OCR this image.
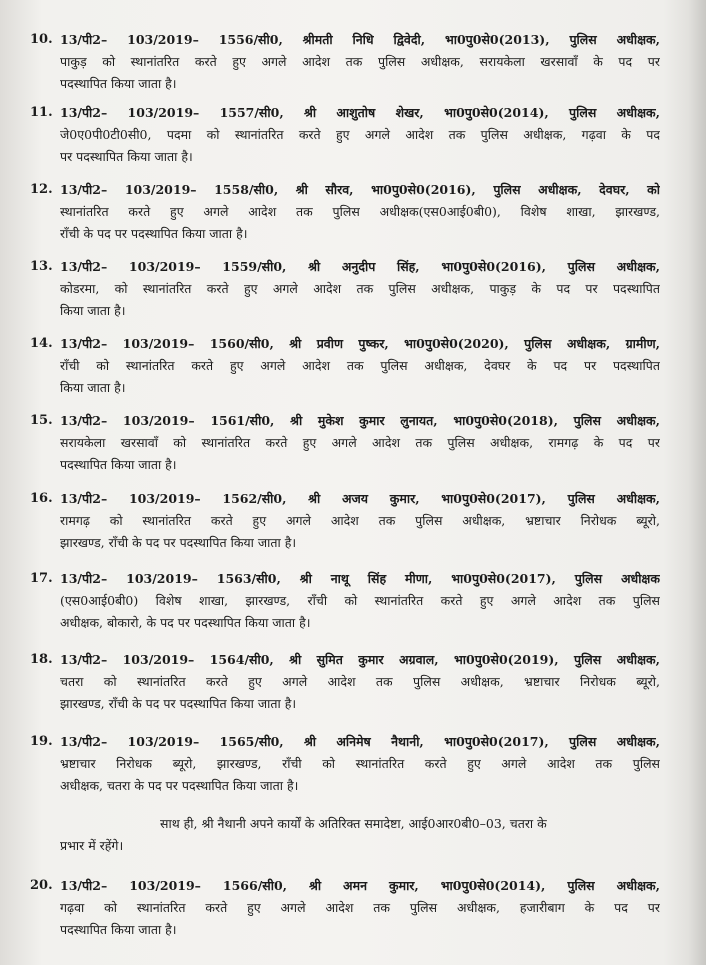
10. 13/पी2– 103/2019– 1556/सी0, श्रीमती निधि द्विवेदी, भा0पु0से0(2013), पुलिस अधीक्षक,
पाकुड़ को स्थानांतरित करते हुए अगले आदेश तक पुलिस अधीक्षक, सरायकेला खरसावाँ के पद पर
पदस्थापित किया जाता है।
11. 13/पी2– 103/2019– 1557/सी0, श्री आशुतोष शेखर, भा0पु0से0(2014), पुलिस अधीक्षक,
जे0ए0पी0टी0सी0, पदमा को स्थानांतरित करते हुए अगले आदेश तक पुलिस अधीक्षक, गढ़वा के पद
पर पदस्थापित किया जाता है।
12. 13/पी2– 103/2019– 1558/सी0, श्री सौरव, भा0पु0से0(2016), पुलिस अधीक्षक, देवघर, को
स्थानांतरित करते हुए अगले आदेश तक पुलिस अधीक्षक(एस0आई0बी0), विशेष शाखा, झारखण्ड,
राँची के पद पर पदस्थापित किया जाता है।
13. 13/पी2– 103/2019– 1559/सी0, श्री अनुदीप सिंह, भा0पु0से0(2016), पुलिस अधीक्षक,
कोडरमा, को स्थानांतरित करते हुए अगले आदेश तक पुलिस अधीक्षक, पाकुड़ के पद पर पदस्थापित
किया जाता है।
14. 13/पी2– 103/2019– 1560/सी0, श्री प्रवीण पुष्कर, भा0पु0से0(2020), पुलिस अधीक्षक, ग्रामीण,
राँची को स्थानांतरित करते हुए अगले आदेश तक पुलिस अधीक्षक, देवघर के पद पर पदस्थापित
किया जाता है।
15. 13/पी2– 103/2019– 1561/सी0, श्री मुकेश कुमार लुनायत, भा0पु0से0(2018), पुलिस अधीक्षक,
सरायकेला खरसावाँ को स्थानांतरित करते हुए अगले आदेश तक पुलिस अधीक्षक, रामगढ़ के पद पर
पदस्थापित किया जाता है।
16. 13/पी2– 103/2019– 1562/सी0, श्री अजय कुमार, भा0पु0से0(2017), पुलिस अधीक्षक,
रामगढ़ को स्थानांतरित करते हुए अगले आदेश तक पुलिस अधीक्षक, भ्रष्टाचार निरोधक ब्यूरो,
झारखण्ड, राँची के पद पर पदस्थापित किया जाता है।
17. 13/पी2– 103/2019– 1563/सी0, श्री नाथू सिंह मीणा, भा0पु0से0(2017), पुलिस अधीक्षक
(एस0आई0बी0) विशेष शाखा, झारखण्ड, राँची को स्थानांतरित करते हुए अगले आदेश तक पुलिस
अधीक्षक, बोकारो, के पद पर पदस्थापित किया जाता है।
18. 13/पी2– 103/2019– 1564/सी0, श्री सुमित कुमार अग्रवाल, भा0पु0से0(2019), पुलिस अधीक्षक,
चतरा को स्थानांतरित करते हुए अगले आदेश तक पुलिस अधीक्षक, भ्रष्टाचार निरोधक ब्यूरो,
झारखण्ड, राँची के पद पर पदस्थापित किया जाता है।
19. 13/पी2– 103/2019– 1565/सी0, श्री अनिमेष नैथानी, भा0पु0से0(2017), पुलिस अधीक्षक,
भ्रष्टाचार निरोधक ब्यूरो, झारखण्ड, राँची को स्थानांतरित करते हुए अगले आदेश तक पुलिस
अधीक्षक, चतरा के पद पर पदस्थापित किया जाता है।
साथ ही, श्री नैथानी अपने कार्यों के अतिरिक्त समादेष्टा, आई0आर0बी0–03, चतरा के
प्रभार में रहेंगे।
20. 13/पी2– 103/2019– 1566/सी0, श्री अमन कुमार, भा0पु0से0(2014), पुलिस अधीक्षक,
गढ़वा को स्थानांतरित करते हुए अगले आदेश तक पुलिस अधीक्षक, हजारीबाग के पद पर
पदस्थापित किया जाता है।
